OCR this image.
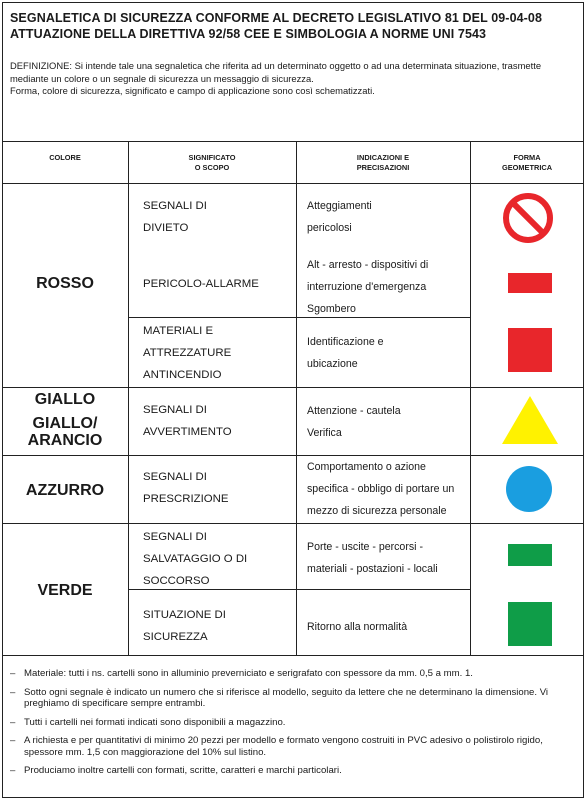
SEGNALETICA DI SICUREZZA CONFORME AL DECRETO LEGISLATIVO 81 DEL 09-04-08
ATTUAZIONE DELLA DIRETTIVA 92/58 CEE E SIMBOLOGIA A NORME UNI 7543
DEFINIZIONE: Si intende tale una segnaletica che riferita ad un determinato oggetto o ad una determinata situazione, trasmette mediante un colore o un segnale di sicurezza un messaggio di sicurezza.
Forma, colore di sicurezza, significato e campo di applicazione sono così schematizzati.
COLORE	SIGNIFICATO
O SCOPO
INDICAZIONI E
PRECISAZIONI
FORMA
GEOMETRICA
ROSSO
GIALLO
GIALLO/
ARANCIO
AZZURRO
VERDE
SEGNALI DI
DIVIETO
PERICOLO-ALLARME
MATERIALI E
ATTREZZATURE
ANTINCENDIO
SEGNALI DI
AVVERTIMENTO
SEGNALI DI
PRESCRIZIONE
SEGNALI DI
SALVATAGGIO O DI
SOCCORSO
SITUAZIONE DI
SICUREZZA
Atteggiamenti
pericolosi
Alt - arresto - dispositivi di
interruzione d'emergenza
Sgombero
Identificazione e
ubicazione
Attenzione - cautela
Verifica
Comportamento o azione
specifica - obbligo di portare un
mezzo di sicurezza personale
Porte - uscite - percorsi -
materiali - postazioni - locali
Ritorno alla normalità
– Materiale: tutti i ns. cartelli sono in alluminio preverniciato e serigrafato con spessore da mm. 0,5 a mm. 1.
– Sotto ogni segnale è indicato un numero che si riferisce al modello, seguito da lettere che ne determinano la dimensione. Vi preghiamo di specificare sempre entrambi.
– Tutti i cartelli nei formati indicati sono disponibili a magazzino.
– A richiesta e per quantitativi di minimo 20 pezzi per modello e formato vengono costruiti in PVC adesivo o polistirolo rigido, spessore mm. 1,5 con maggiorazione del 10% sul listino.
– Produciamo inoltre cartelli con formati, scritte, caratteri e marchi particolari.
